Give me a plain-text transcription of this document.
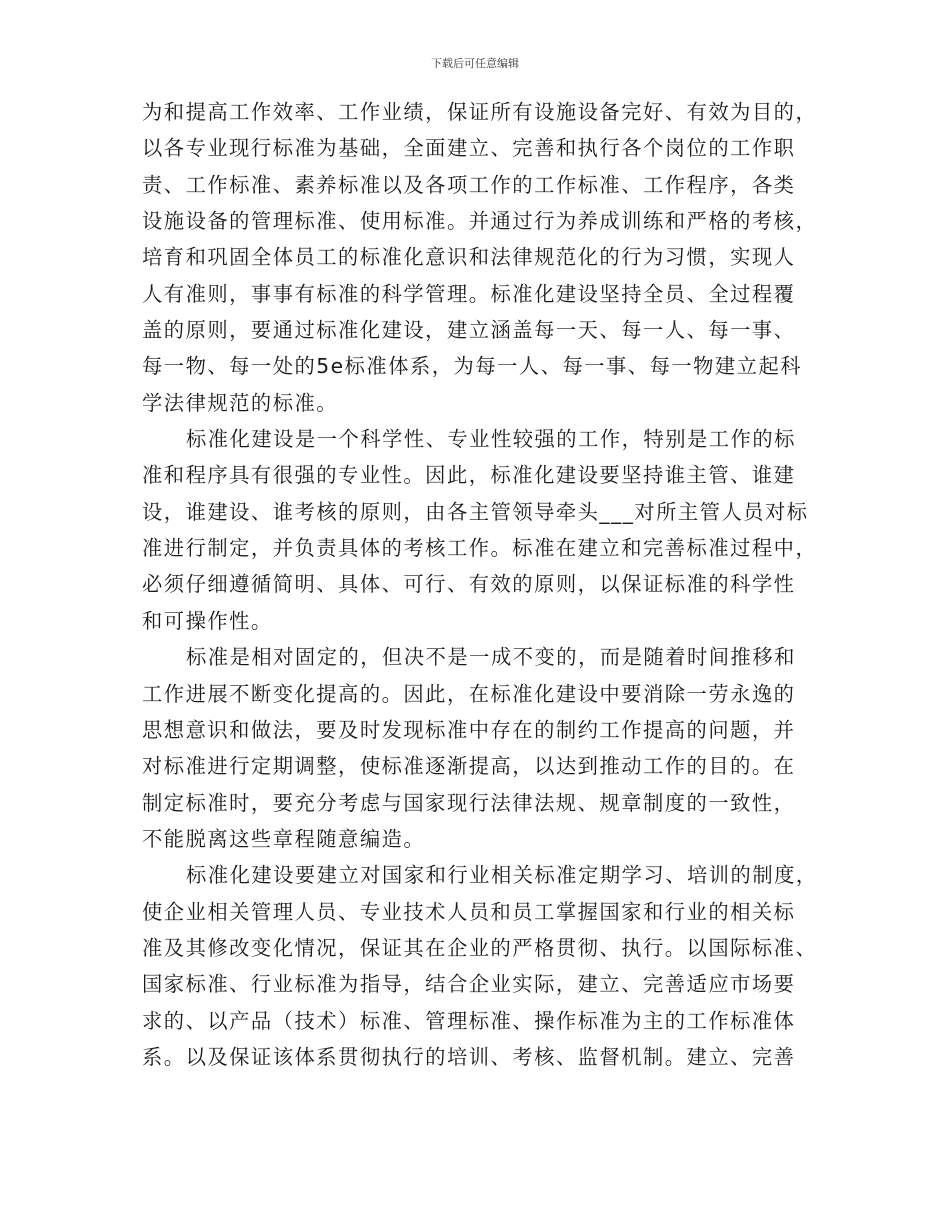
下载后可任意编辑

为和提高工作效率、工作业绩，保证所有设施设备完好、有效为目的，
以各专业现行标准为基础，全面建立、完善和执行各个岗位的工作职
责、工作标准、素养标准以及各项工作的工作标准、工作程序，各类
设施设备的管理标准、使用标准。并通过行为养成训练和严格的考核，
培育和巩固全体员工的标准化意识和法律规范化的行为习惯，实现人
人有准则，事事有标准的科学管理。标准化建设坚持全员、全过程覆
盖的原则，要通过标准化建设，建立涵盖每一天、每一人、每一事、
每一物、每一处的5e标准体系，为每一人、每一事、每一物建立起科
学法律规范的标准。

标准化建设是一个科学性、专业性较强的工作，特别是工作的标
准和程序具有很强的专业性。因此，标准化建设要坚持谁主管、谁建
设，谁建设、谁考核的原则，由各主管领导牵头___对所主管人员对标
准进行制定，并负责具体的考核工作。标准在建立和完善标准过程中，
必须仔细遵循简明、具体、可行、有效的原则，以保证标准的科学性
和可操作性。

标准是相对固定的，但决不是一成不变的，而是随着时间推移和
工作进展不断变化提高的。因此，在标准化建设中要消除一劳永逸的
思想意识和做法，要及时发现标准中存在的制约工作提高的问题，并
对标准进行定期调整，使标准逐渐提高，以达到推动工作的目的。在
制定标准时，要充分考虑与国家现行法律法规、规章制度的一致性，
不能脱离这些章程随意编造。

标准化建设要建立对国家和行业相关标准定期学习、培训的制度，
使企业相关管理人员、专业技术人员和员工掌握国家和行业的相关标
准及其修改变化情况，保证其在企业的严格贯彻、执行。以国际标准、
国家标准、行业标准为指导，结合企业实际，建立、完善适应市场要
求的、以产品（技术）标准、管理标准、操作标准为主的工作标准体
系。以及保证该体系贯彻执行的培训、考核、监督机制。建立、完善
